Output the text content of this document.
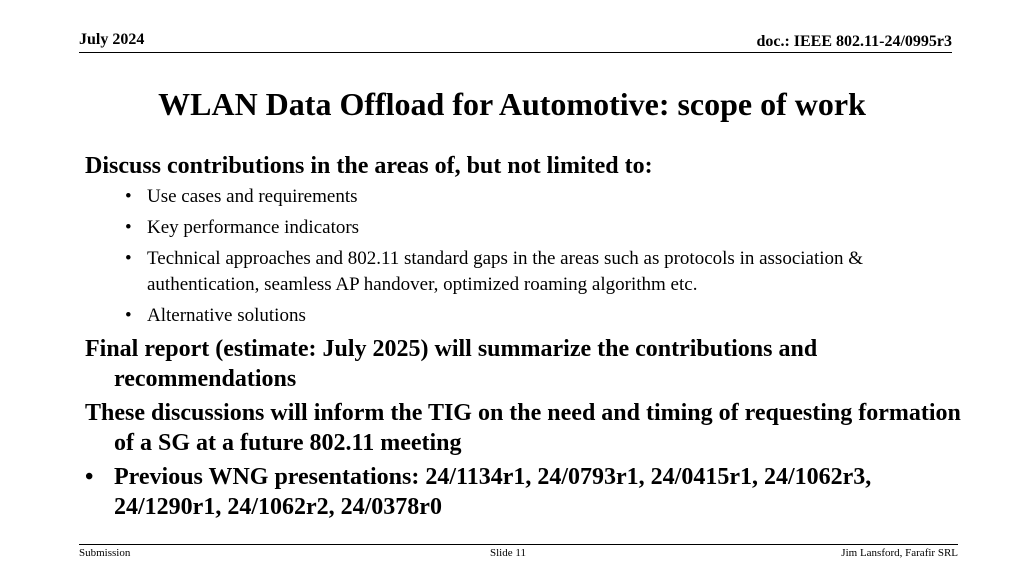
July 2024	doc.: IEEE 802.11-24/0995r3
WLAN Data Offload for Automotive: scope of work

Discuss contributions in the areas of, but not limited to:

• Use cases and requirements
• Key performance indicators
• Technical approaches and 802.11 standard gaps in the areas such as protocols in association & authentication, seamless AP handover, optimized roaming algorithm etc.
• Alternative solutions

Final report (estimate: July 2025) will summarize the contributions and recommendations

These discussions will inform the TIG on the need and timing of requesting formation of a SG at a future 802.11 meeting

• Previous WNG presentations: 24/1134r1, 24/0793r1, 24/0415r1, 24/1062r3, 24/1290r1, 24/1062r2, 24/0378r0

Submission	Slide 11	Jim Lansford, Farafir SRL
